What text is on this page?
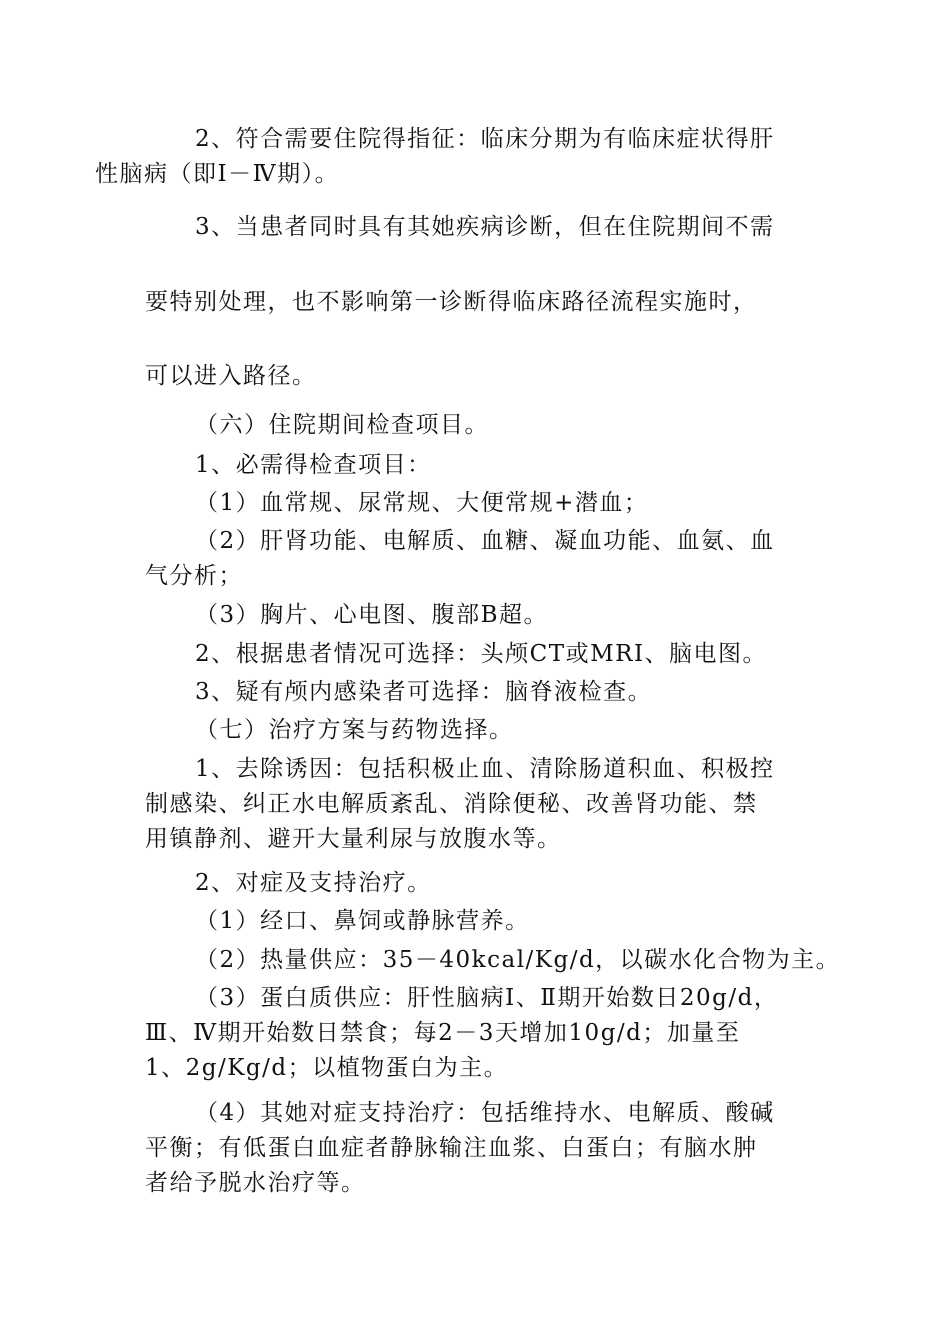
2、符合需要住院得指征：临床分期为有临床症状得肝
性脑病（即Ⅰ－Ⅳ期）。
3、当患者同时具有其她疾病诊断，但在住院期间不需
要特别处理，也不影响第一诊断得临床路径流程实施时，
可以进入路径。
（六）住院期间检查项目。
1、必需得检查项目：
（1）血常规、尿常规、大便常规+潜血；
（2）肝肾功能、电解质、血糖、凝血功能、血氨、血
气分析；
（3）胸片、心电图、腹部B超。
2、根据患者情况可选择：头颅CT或MRI、脑电图。
3、疑有颅内感染者可选择：脑脊液检查。
（七）治疗方案与药物选择。
1、去除诱因：包括积极止血、清除肠道积血、积极控
制感染、纠正水电解质紊乱、消除便秘、改善肾功能、禁
用镇静剂、避开大量利尿与放腹水等。
2、对症及支持治疗。
（1）经口、鼻饲或静脉营养。
（2）热量供应：35－40kcal/Kg/d，以碳水化合物为主。
（3）蛋白质供应：肝性脑病Ⅰ、Ⅱ期开始数日20g/d，
Ⅲ、Ⅳ期开始数日禁食；每2－3天增加10g/d；加量至
1、2g/Kg/d；以植物蛋白为主。
（4）其她对症支持治疗：包括维持水、电解质、酸碱
平衡；有低蛋白血症者静脉输注血浆、白蛋白；有脑水肿
者给予脱水治疗等。
